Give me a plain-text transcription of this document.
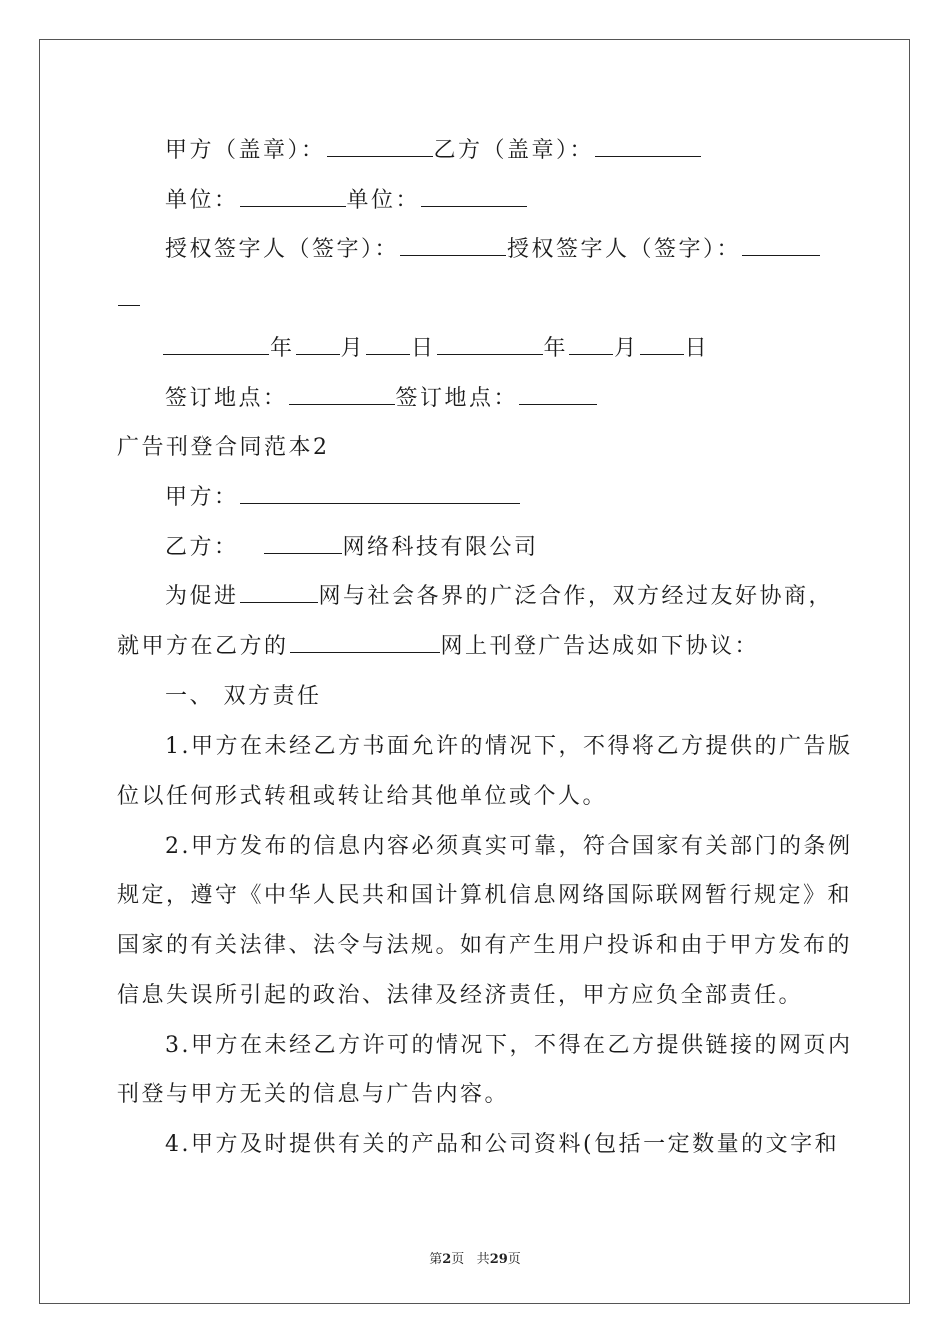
甲方（盖章）：	乙方（盖章）：
单位：	单位：
授权签字人（签字）：	授权签字人（签字）：
年 月 日	年 月 日
签订地点：	签订地点：
广告刊登合同范本2
甲方：
乙方：	网络科技有限公司
为促进	网与社会各界的广泛合作，双方经过友好协商，
就甲方在乙方的	网上刊登广告达成如下协议：
一、 双方责任
1.甲方在未经乙方书面允许的情况下，不得将乙方提供的广告版
位以任何形式转租或转让给其他单位或个人。
2.甲方发布的信息内容必须真实可靠，符合国家有关部门的条例
规定，遵守《中华人民共和国计算机信息网络国际联网暂行规定》和
国家的有关法律、法令与法规。如有产生用户投诉和由于甲方发布的
信息失误所引起的政治、法律及经济责任，甲方应负全部责任。
3.甲方在未经乙方许可的情况下，不得在乙方提供链接的网页内
刊登与甲方无关的信息与广告内容。
4.甲方及时提供有关的产品和公司资料(包括一定数量的文字和
第2页 共29页
